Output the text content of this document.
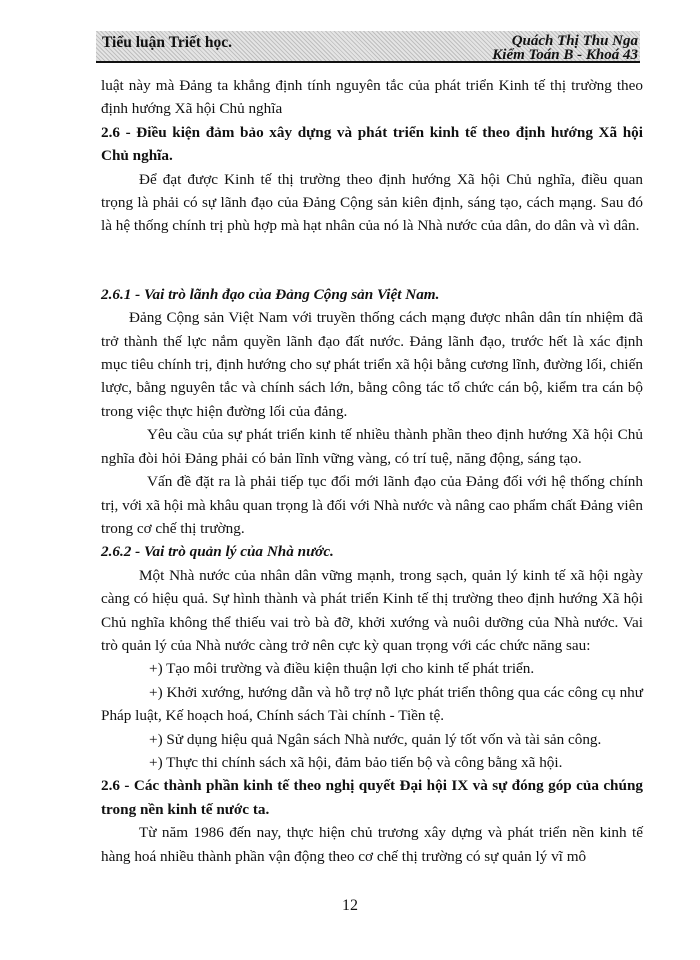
Tiểu luận Triết học.	Quách Thị Thu Nga
Kiểm Toán B - Khoá 43

luật này mà Đảng ta khẳng định tính nguyên tắc của phát triển Kinh tế thị trường theo định hướng Xã hội Chủ nghĩa

2.6 - Điều kiện đảm bảo xây dựng và phát triển kinh tế theo định hướng Xã hội Chủ nghĩa.

Để đạt được Kinh tế thị trường theo định hướng Xã hội Chủ nghĩa, điều quan trọng là phải có sự lãnh đạo của Đảng Cộng sản kiên định, sáng tạo, cách mạng. Sau đó là hệ thống chính trị phù hợp mà hạt nhân của nó là Nhà nước của dân, do dân và vì dân.

2.6.1 - Vai trò lãnh đạo của Đảng Cộng sản Việt Nam.

Đảng Cộng sản Việt Nam với truyền thống cách mạng được nhân dân tín nhiệm đã trở thành thế lực nắm quyền lãnh đạo đất nước. Đảng lãnh đạo, trước hết là xác định mục tiêu chính trị, định hướng cho sự phát triển xã hội bằng cương lĩnh, đường lối, chiến lược, bằng nguyên tắc và chính sách lớn, bằng công tác tổ chức cán bộ, kiểm tra cán bộ trong việc thực hiện đường lối của đảng.

Yêu cầu của sự phát triển kinh tế nhiều thành phần theo định hướng Xã hội Chủ nghĩa đòi hỏi Đảng phải có bản lĩnh vững vàng, có trí tuệ, năng động, sáng tạo.

Vấn đề đặt ra là phải tiếp tục đổi mới lãnh đạo của Đảng đối với hệ thống chính trị, với xã hội mà khâu quan trọng là đối với Nhà nước và nâng cao phẩm chất Đảng viên trong cơ chế thị trường.

2.6.2 - Vai trò quản lý của Nhà nước.

Một Nhà nước của nhân dân vững mạnh, trong sạch, quản lý kinh tế xã hội ngày càng có hiệu quả. Sự hình thành và phát triển Kinh tế thị trường theo định hướng Xã hội Chủ nghĩa không thể thiếu vai trò bà đỡ, khởi xướng và nuôi dưỡng của Nhà nước. Vai trò quản lý của Nhà nước càng trở nên cực kỳ quan trọng với các chức năng sau:

+) Tạo môi trường và điều kiện thuận lợi cho kinh tế phát triển.

+) Khởi xướng, hướng dẫn và hỗ trợ nỗ lực phát triển thông qua các công cụ như Pháp luật, Kế hoạch hoá, Chính sách Tài chính - Tiền tệ.

+) Sử dụng hiệu quả Ngân sách Nhà nước, quản lý tốt vốn và tài sản công.

+) Thực thi chính sách xã hội, đảm bảo tiến bộ và công bằng xã hội.

2.6 - Các thành phần kinh tế theo nghị quyết Đại hội IX và sự đóng góp của chúng trong nền kinh tế nước ta.

Từ năm 1986 đến nay, thực hiện chủ trương xây dựng và phát triển nền kinh tế hàng hoá nhiều thành phần vận động theo cơ chế thị trường có sự quản lý vĩ mô

12
